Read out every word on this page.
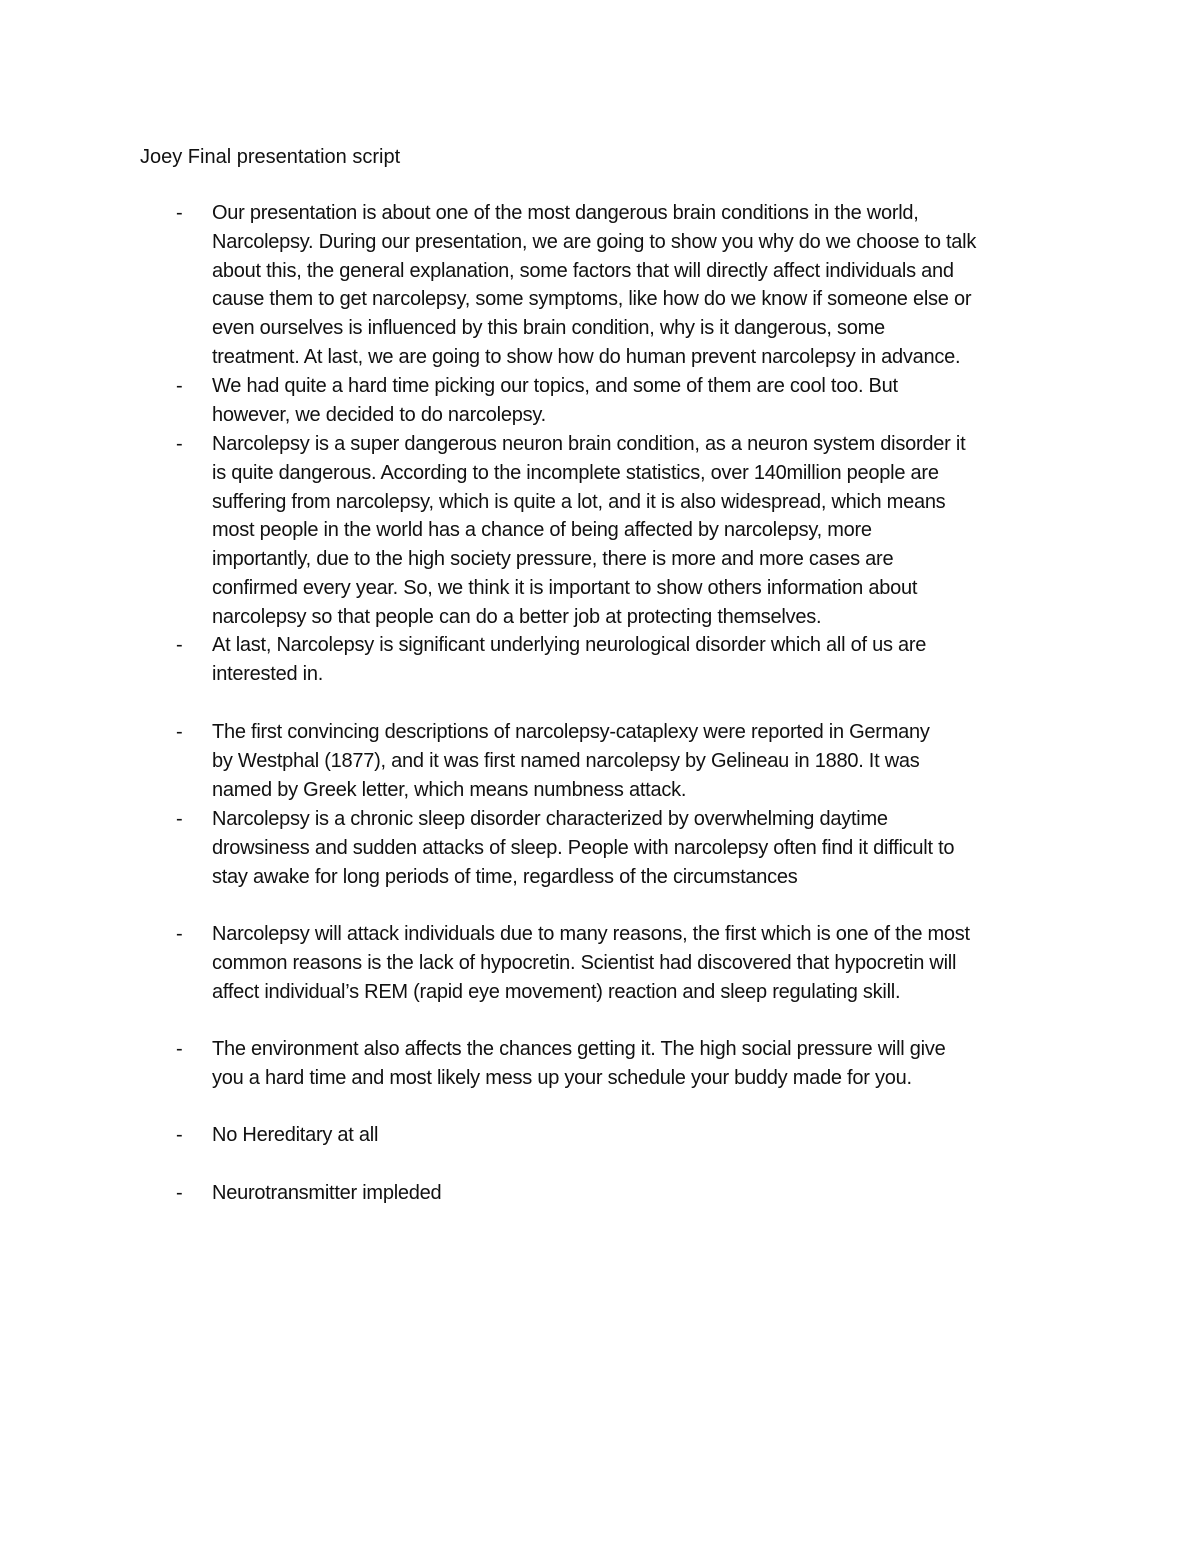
Joey Final presentation script
- Our presentation is about one of the most dangerous brain conditions in the world,
Narcolepsy. During our presentation, we are going to show you why do we choose to talk
about this, the general explanation, some factors that will directly affect individuals and
cause them to get narcolepsy, some symptoms, like how do we know if someone else or
even ourselves is influenced by this brain condition, why is it dangerous, some
treatment. At last, we are going to show how do human prevent narcolepsy in advance.
- We had quite a hard time picking our topics, and some of them are cool too. But
however, we decided to do narcolepsy.
- Narcolepsy is a super dangerous neuron brain condition, as a neuron system disorder it
is quite dangerous. According to the incomplete statistics, over 140million people are
suffering from narcolepsy, which is quite a lot, and it is also widespread, which means
most people in the world has a chance of being affected by narcolepsy, more
importantly, due to the high society pressure, there is more and more cases are
confirmed every year. So, we think it is important to show others information about
narcolepsy so that people can do a better job at protecting themselves.
- At last, Narcolepsy is significant underlying neurological disorder which all of us are
interested in.
- The first convincing descriptions of narcolepsy-cataplexy were reported in Germany
by Westphal (1877), and it was first named narcolepsy by Gelineau in 1880. It was
named by Greek letter, which means numbness attack.
- Narcolepsy is a chronic sleep disorder characterized by overwhelming daytime
drowsiness and sudden attacks of sleep. People with narcolepsy often find it difficult to
stay awake for long periods of time, regardless of the circumstances
- Narcolepsy will attack individuals due to many reasons, the first which is one of the most
common reasons is the lack of hypocretin. Scientist had discovered that hypocretin will
affect individual’s REM (rapid eye movement) reaction and sleep regulating skill.
- The environment also affects the chances getting it. The high social pressure will give
you a hard time and most likely mess up your schedule your buddy made for you.
- No Hereditary at all
- Neurotransmitter impleded
